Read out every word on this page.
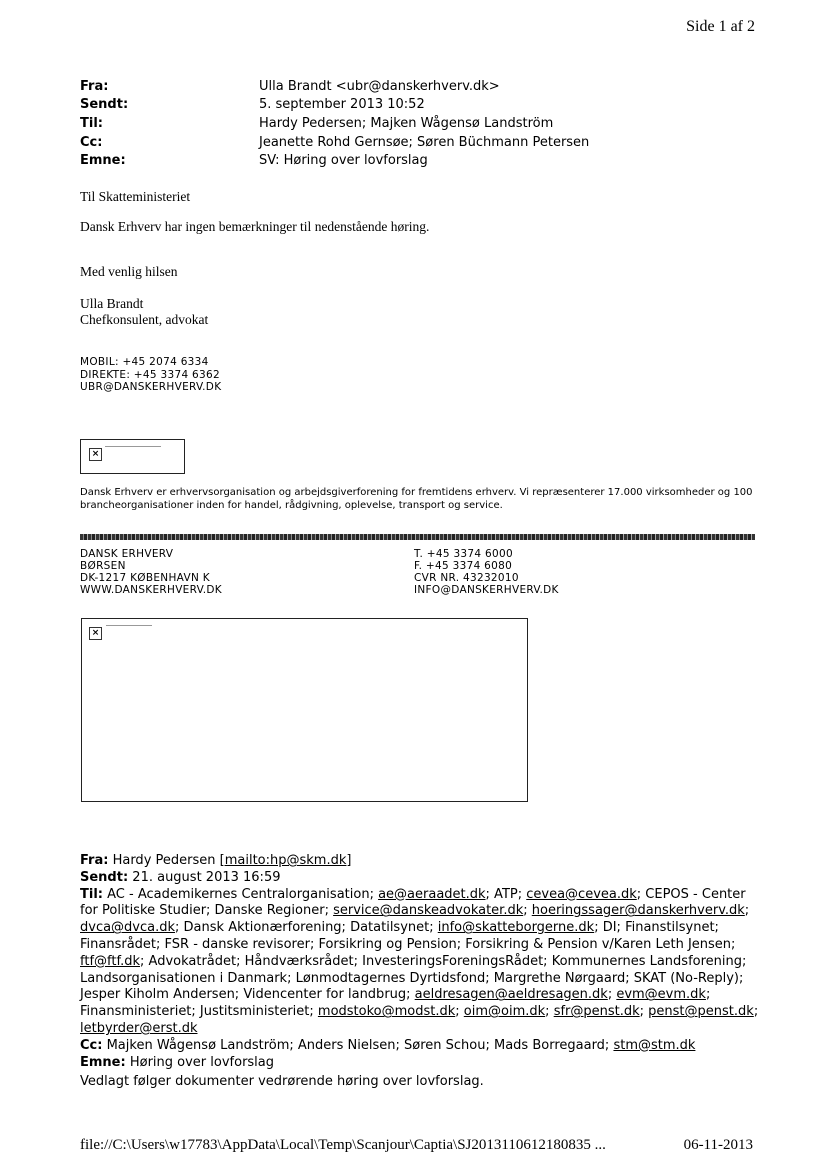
Side 1 af 2
Fra:	Ulla Brandt <ubr@danskerhverv.dk>
Sendt:	5. september 2013 10:52
Til:	Hardy Pedersen; Majken Wågensø Landström
Cc:	Jeanette Rohd Gernsøe; Søren Büchmann Petersen
Emne:	SV: Høring over lovforslag
Til Skatteministeriet
Dansk Erhverv har ingen bemærkninger til nedenstående høring.
Med venlig hilsen
Ulla Brandt
Chefkonsulent, advokat
MOBIL: +45 2074 6334
DIREKTE: +45 3374 6362
UBR@DANSKERHVERV.DK
×
Dansk Erhverv er erhvervsorganisation og arbejdsgiverforening for fremtidens erhverv. Vi repræsenterer 17.000 virksomheder og 100 brancheorganisationer inden for handel, rådgivning, oplevelse, transport og service.
DANSK ERHVERV
BØRSEN
DK-1217 KØBENHAVN K
WWW.DANSKERHVERV.DK
T. +45 3374 6000
F. +45 3374 6080
CVR NR. 43232010
INFO@DANSKERHVERV.DK
×
Fra: Hardy Pedersen [mailto:hp@skm.dk]
Sendt: 21. august 2013 16:59
Til: AC - Academikernes Centralorganisation; ae@aeraadet.dk; ATP; cevea@cevea.dk; CEPOS - Center for Politiske Studier; Danske Regioner; service@danskeadvokater.dk; hoeringssager@danskerhverv.dk; dvca@dvca.dk; Dansk Aktionærforening; Datatilsynet; info@skatteborgerne.dk; DI; Finanstilsynet; Finansrådet; FSR - danske revisorer; Forsikring og Pension; Forsikring & Pension v/Karen Leth Jensen; ftf@ftf.dk; Advokatrådet; Håndværksrådet; InvesteringsForeningsRådet; Kommunernes Landsforening; Landsorganisationen i Danmark; Lønmodtagernes Dyrtidsfond; Margrethe Nørgaard; SKAT (No-Reply); Jesper Kiholm Andersen; Videncenter for landbrug; aeldresagen@aeldresagen.dk; evm@evm.dk; Finansministeriet; Justitsministeriet; modstoko@modst.dk; oim@oim.dk; sfr@penst.dk; penst@penst.dk; letbyrder@erst.dk
Cc: Majken Wågensø Landström; Anders Nielsen; Søren Schou; Mads Borregaard; stm@stm.dk
Emne: Høring over lovforslag
Vedlagt følger dokumenter vedrørende høring over lovforslag.
file://C:\Users\w17783\AppData\Local\Temp\Scanjour\Captia\SJ2013110612180835 ...	06-11-2013
